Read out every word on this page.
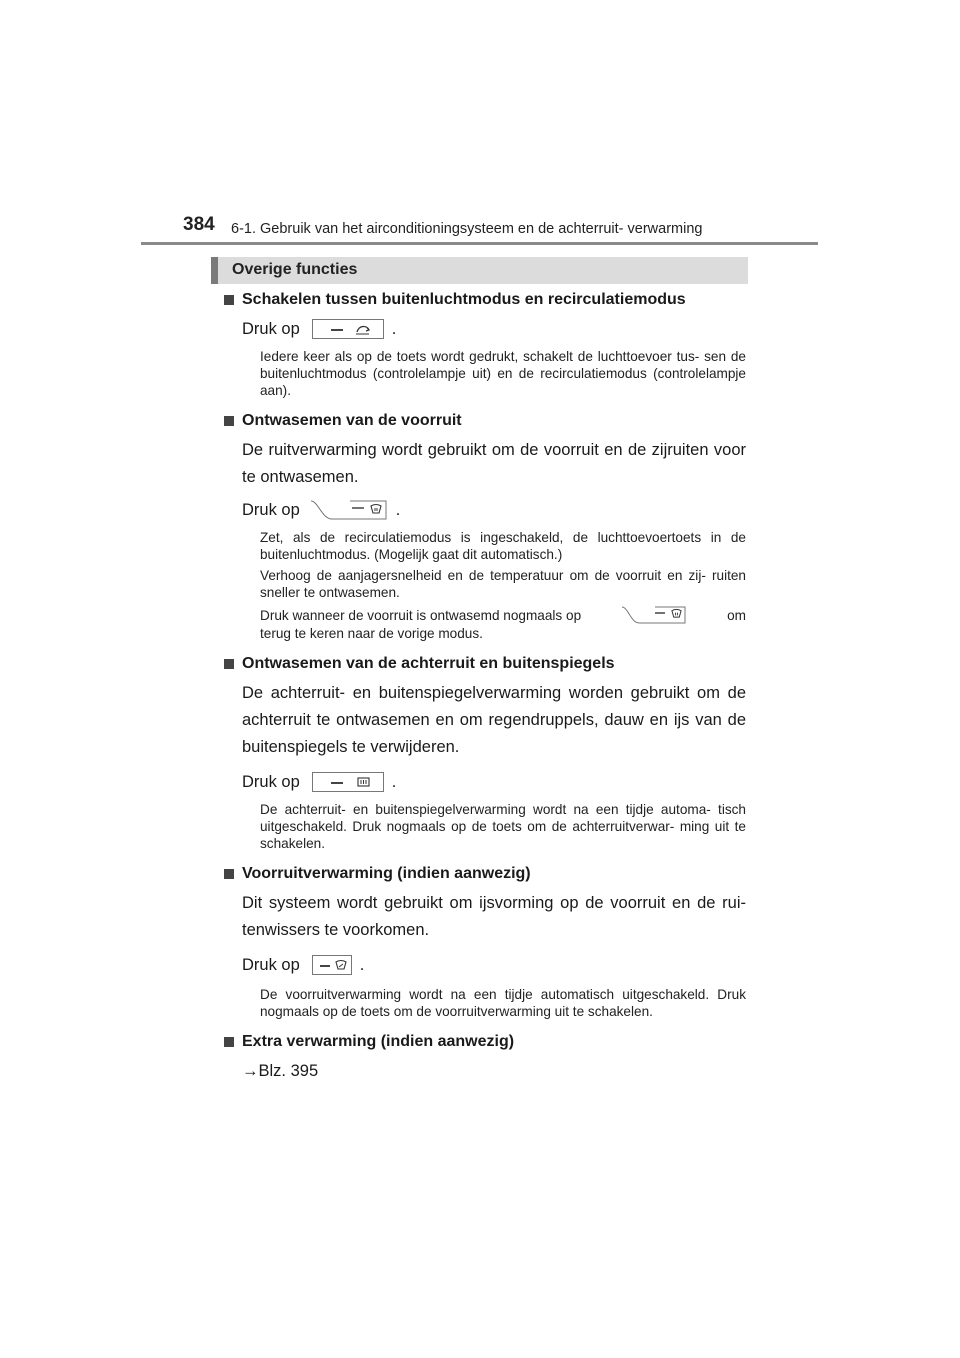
384 6-1. Gebruik van het airconditioningsysteem en de achterruit- verwarming
Overige functies
Schakelen tussen buitenluchtmodus en recirculatiemodus
Druk op	.
Iedere keer als op de toets wordt gedrukt, schakelt de luchttoevoer tus- sen de buitenluchtmodus (controlelampje uit) en de recirculatiemodus (controlelampje aan).
Ontwasemen van de voorruit
De ruitverwarming wordt gebruikt om de voorruit en de zijruiten voor te ontwasemen.
Druk op	.
Zet, als de recirculatiemodus is ingeschakeld, de luchttoevoertoets in de buitenluchtmodus. (Mogelijk gaat dit automatisch.)
Verhoog de aanjagersnelheid en de temperatuur om de voorruit en zij- ruiten sneller te ontwasemen.
Druk wanneer de voorruit is ontwasemd nogmaals op	om
terug te keren naar de vorige modus.
Ontwasemen van de achterruit en buitenspiegels
De achterruit- en buitenspiegelverwarming worden gebruikt om de achterruit te ontwasemen en om regendruppels, dauw en ijs van de buitenspiegels te verwijderen.
Druk op	.
De achterruit- en buitenspiegelverwarming wordt na een tijdje automa- tisch uitgeschakeld. Druk nogmaals op de toets om de achterruitverwar- ming uit te schakelen.
Voorruitverwarming (indien aanwezig)
Dit systeem wordt gebruikt om ijsvorming op de voorruit en de rui- tenwissers te voorkomen.
Druk op	.
De voorruitverwarming wordt na een tijdje automatisch uitgeschakeld. Druk nogmaals op de toets om de voorruitverwarming uit te schakelen.
Extra verwarming (indien aanwezig)
→Blz. 395
